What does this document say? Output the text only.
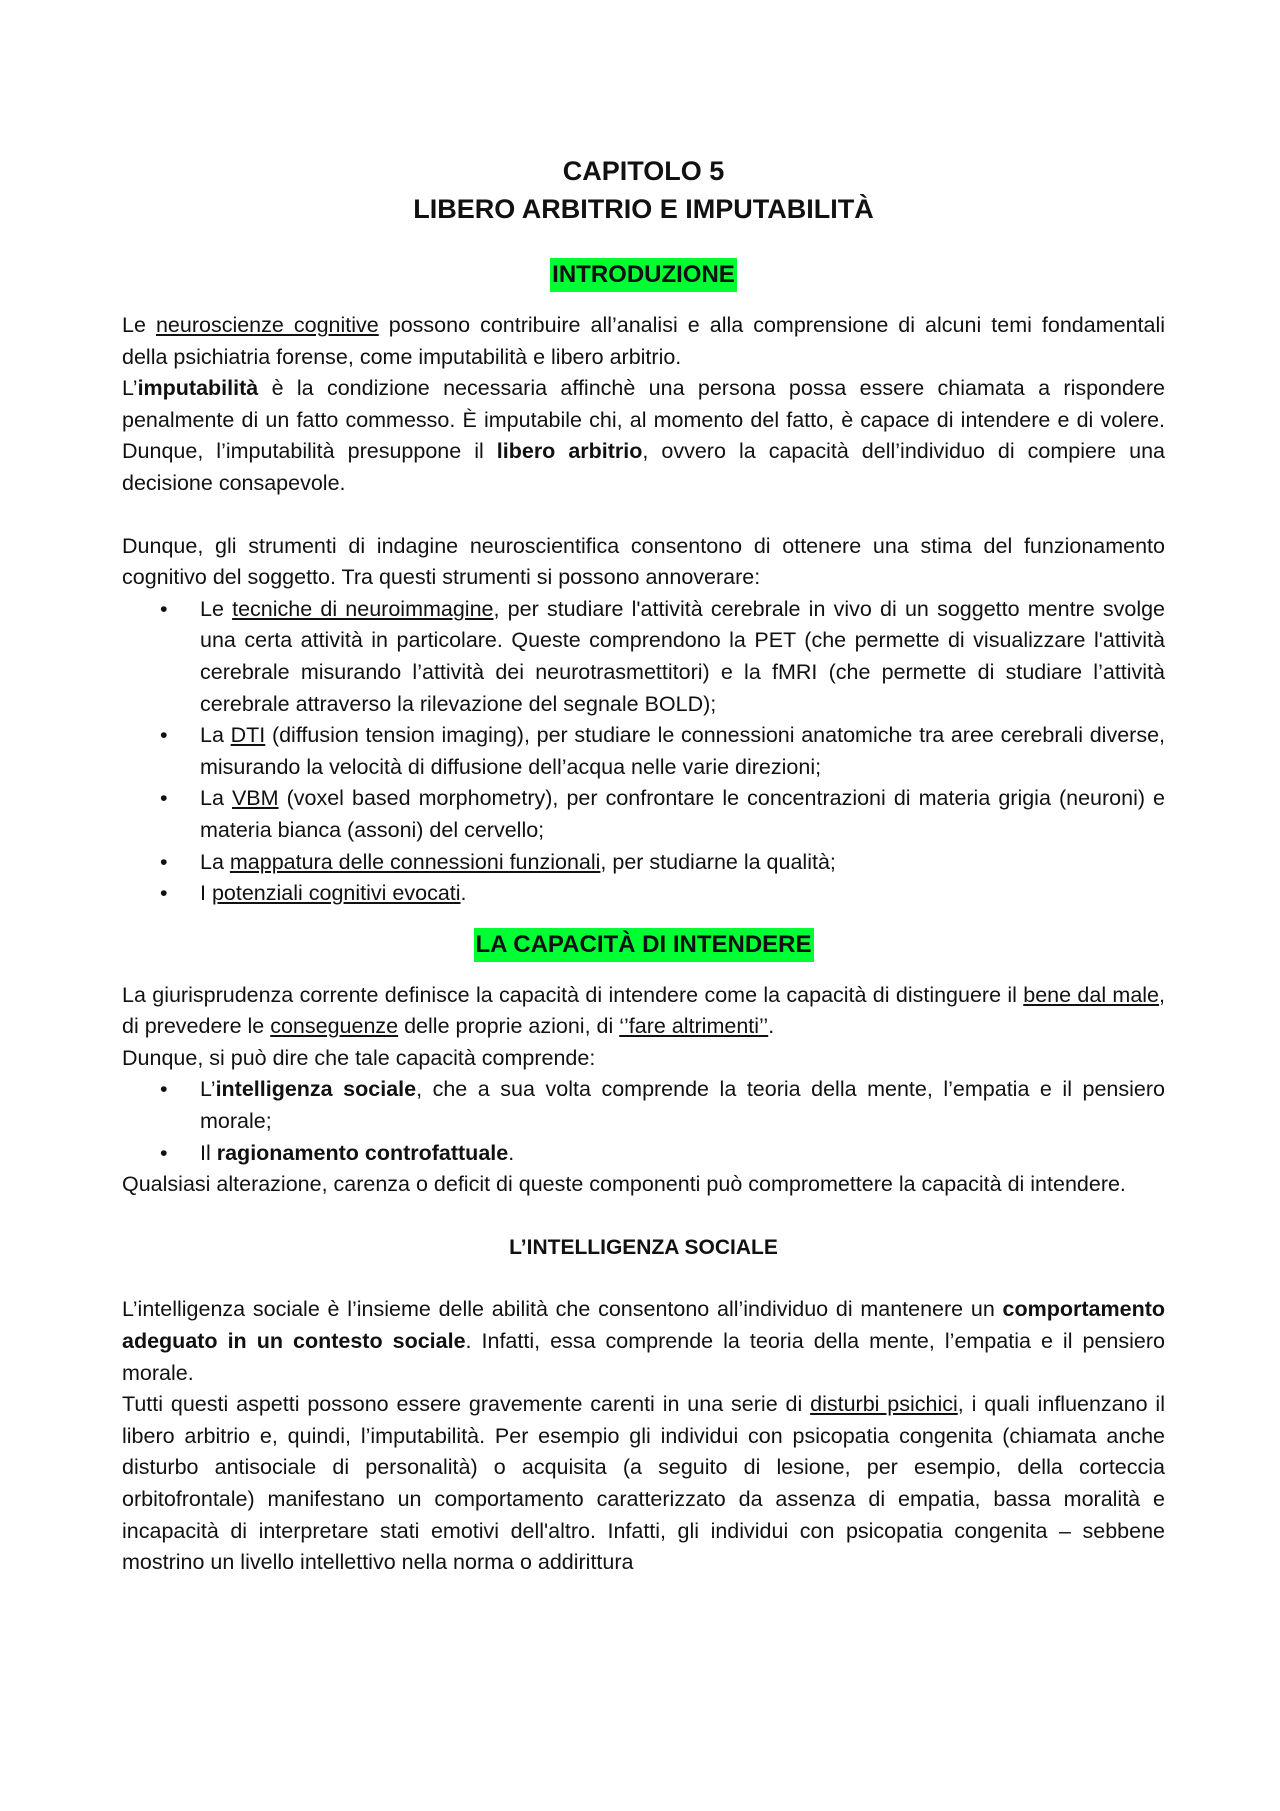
CAPITOLO 5
LIBERO ARBITRIO E IMPUTABILITÀ
INTRODUZIONE

Le neuroscienze cognitive possono contribuire all’analisi e alla comprensione di alcuni temi fondamentali della psichiatria forense, come imputabilità e libero arbitrio.

L’imputabilità è la condizione necessaria affinchè una persona possa essere chiamata a rispondere penalmente di un fatto commesso. È imputabile chi, al momento del fatto, è capace di intendere e di volere. Dunque, l’imputabilità presuppone il libero arbitrio, ovvero la capacità dell’individuo di compiere una decisione consapevole.

Dunque, gli strumenti di indagine neuroscientifica consentono di ottenere una stima del funzionamento cognitivo del soggetto. Tra questi strumenti si possono annoverare:

• Le tecniche di neuroimmagine, per studiare l'attività cerebrale in vivo di un soggetto mentre svolge una certa attività in particolare. Queste comprendono la PET (che permette di visualizzare l'attività cerebrale misurando l’attività dei neurotrasmettitori) e la fMRI (che permette di studiare l’attività cerebrale attraverso la rilevazione del segnale BOLD);
• La DTI (diffusion tension imaging), per studiare le connessioni anatomiche tra aree cerebrali diverse, misurando la velocità di diffusione dell’acqua nelle varie direzioni;
• La VBM (voxel based morphometry), per confrontare le concentrazioni di materia grigia (neuroni) e materia bianca (assoni) del cervello;
• La mappatura delle connessioni funzionali, per studiarne la qualità;
• I potenziali cognitivi evocati.
LA CAPACITÀ DI INTENDERE

La giurisprudenza corrente definisce la capacità di intendere come la capacità di distinguere il bene dal male, di prevedere le conseguenze delle proprie azioni, di ‘’fare altrimenti’’.

Dunque, si può dire che tale capacità comprende:

• L’intelligenza sociale, che a sua volta comprende la teoria della mente, l’empatia e il pensiero morale;
• Il ragionamento controfattuale.

Qualsiasi alterazione, carenza o deficit di queste componenti può compromettere la capacità di intendere.

L’INTELLIGENZA SOCIALE

L’intelligenza sociale è l’insieme delle abilità che consentono all’individuo di mantenere un comportamento adeguato in un contesto sociale. Infatti, essa comprende la teoria della mente, l’empatia e il pensiero morale.

Tutti questi aspetti possono essere gravemente carenti in una serie di disturbi psichici, i quali influenzano il libero arbitrio e, quindi, l’imputabilità. Per esempio gli individui con psicopatia congenita (chiamata anche disturbo antisociale di personalità) o acquisita (a seguito di lesione, per esempio, della corteccia orbitofrontale) manifestano un comportamento caratterizzato da assenza di empatia, bassa moralità e incapacità di interpretare stati emotivi dell'altro. Infatti, gli individui con psicopatia congenita – sebbene mostrino un livello intellettivo nella norma o addirittura
